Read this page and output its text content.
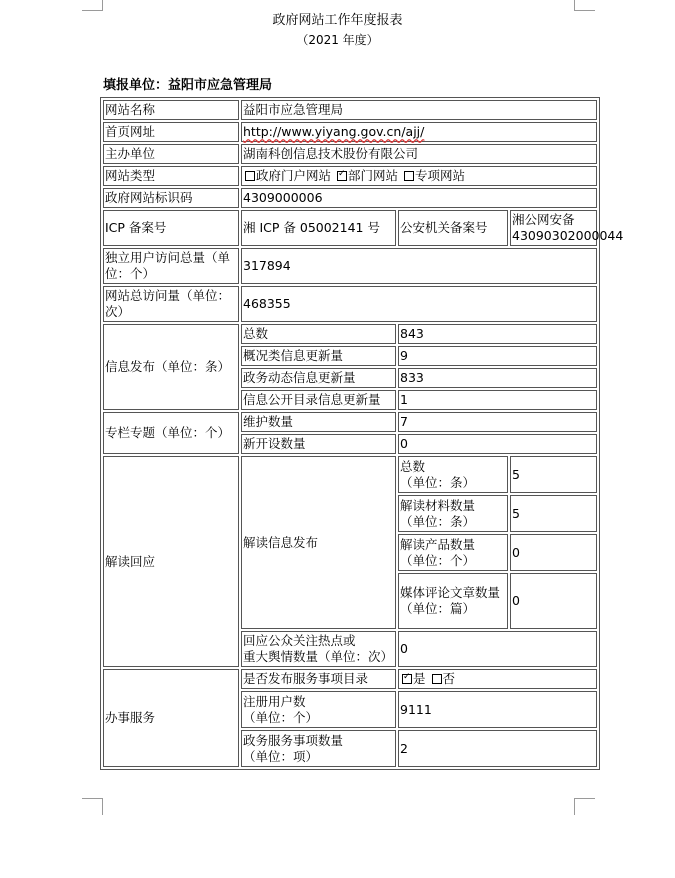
政府网站工作年度报表
（2021 年度）
填报单位：益阳市应急管理局
网站名称	益阳市应急管理局		
首页网址	http://www.yiyang.gov.cn/ajj/		
主办单位	湖南科创信息技术股份有限公司		
网站类型	政府门户网站 ✓ 部门网站 专项网站
政府网站标识码	4309000006		
ICP 备案号	湘 ICP 备 05002141 号	公安机关备案号	湘公网安备
43090302000044

独立用户访问总量（单位：个）	317894		
网站总访问量（单位：次）	468355		
信息发布（单位：条）	总数	843	
	概况类信息更新量	9	
	政务动态信息更新量	833	
	信息公开目录信息更新量	1	
专栏专题（单位：个）	维护数量	7	
	新开设数量	0	
解读回应	解读信息发布	总数
（单位：条）	5

		解读材料数量
（单位：条）	5

		解读产品数量
（单位：个）	0

		媒体评论文章数量
（单位：篇）	0

	回应公众关注热点或
重大舆情数量（单位：次）	0	
办事服务	是否发布服务事项目录	✓是 否

	注册用户数
（单位：个）	9111	

	政务服务事项数量
（单位：项）	2	
